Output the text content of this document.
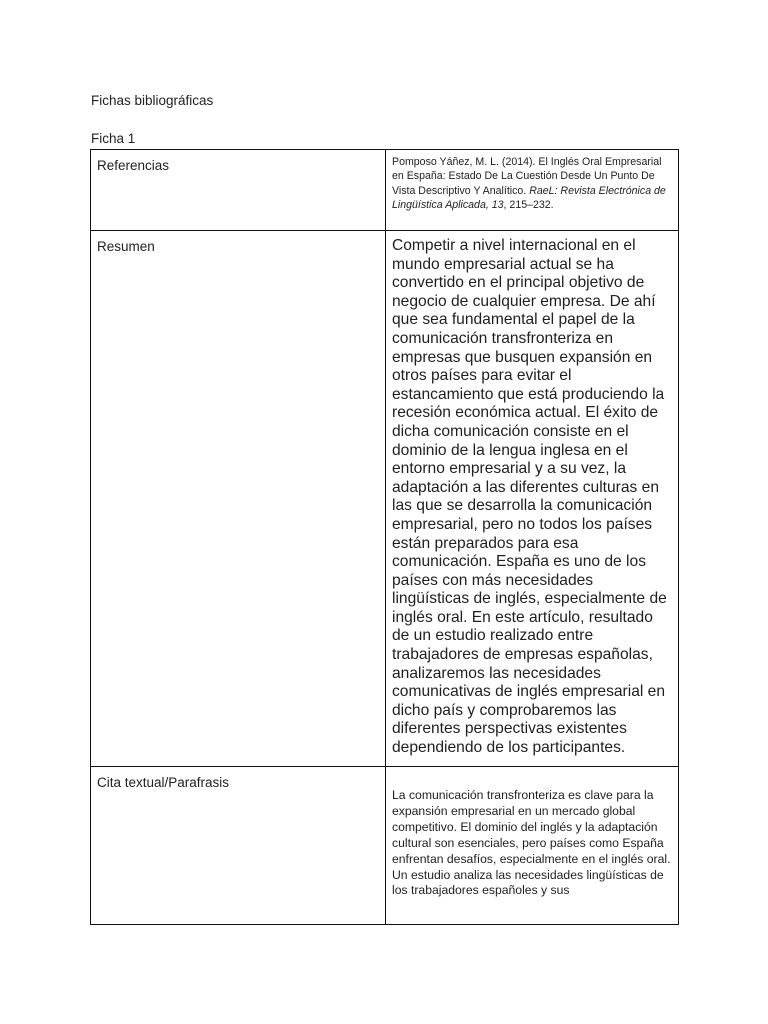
Fichas bibliográficas
Ficha 1
Referencias	Pomposo Yáñez, M. L. (2014). El Inglés Oral Empresarial en España: Estado De La Cuestión Desde Un Punto De Vista Descriptivo Y Analítico. RaeL: Revista Electrónica de Lingüística Aplicada, 13, 215–232.

Resumen	Competir a nivel internacional en el mundo empresarial actual se ha convertido en el principal objetivo de negocio de cualquier empresa. De ahí que sea fundamental el papel de la comunicación transfronteriza en empresas que busquen expansión en otros países para evitar el estancamiento que está produciendo la recesión económica actual. El éxito de dicha comunicación consiste en el dominio de la lengua inglesa en el entorno empresarial y a su vez, la adaptación a las diferentes culturas en las que se desarrolla la comunicación empresarial, pero no todos los países están preparados para esa comunicación. España es uno de los países con más necesidades lingüísticas de inglés, especialmente de inglés oral. En este artículo, resultado de un estudio realizado entre trabajadores de empresas españolas, analizaremos las necesidades comunicativas de inglés empresarial en dicho país y comprobaremos las diferentes perspectivas existentes dependiendo de los participantes.

Cita textual/Parafrasis	La comunicación transfronteriza es clave para la expansión empresarial en un mercado global competitivo. El dominio del inglés y la adaptación cultural son esenciales, pero países como España enfrentan desafíos, especialmente en el inglés oral. Un estudio analiza las necesidades lingüísticas de los trabajadores españoles y sus
